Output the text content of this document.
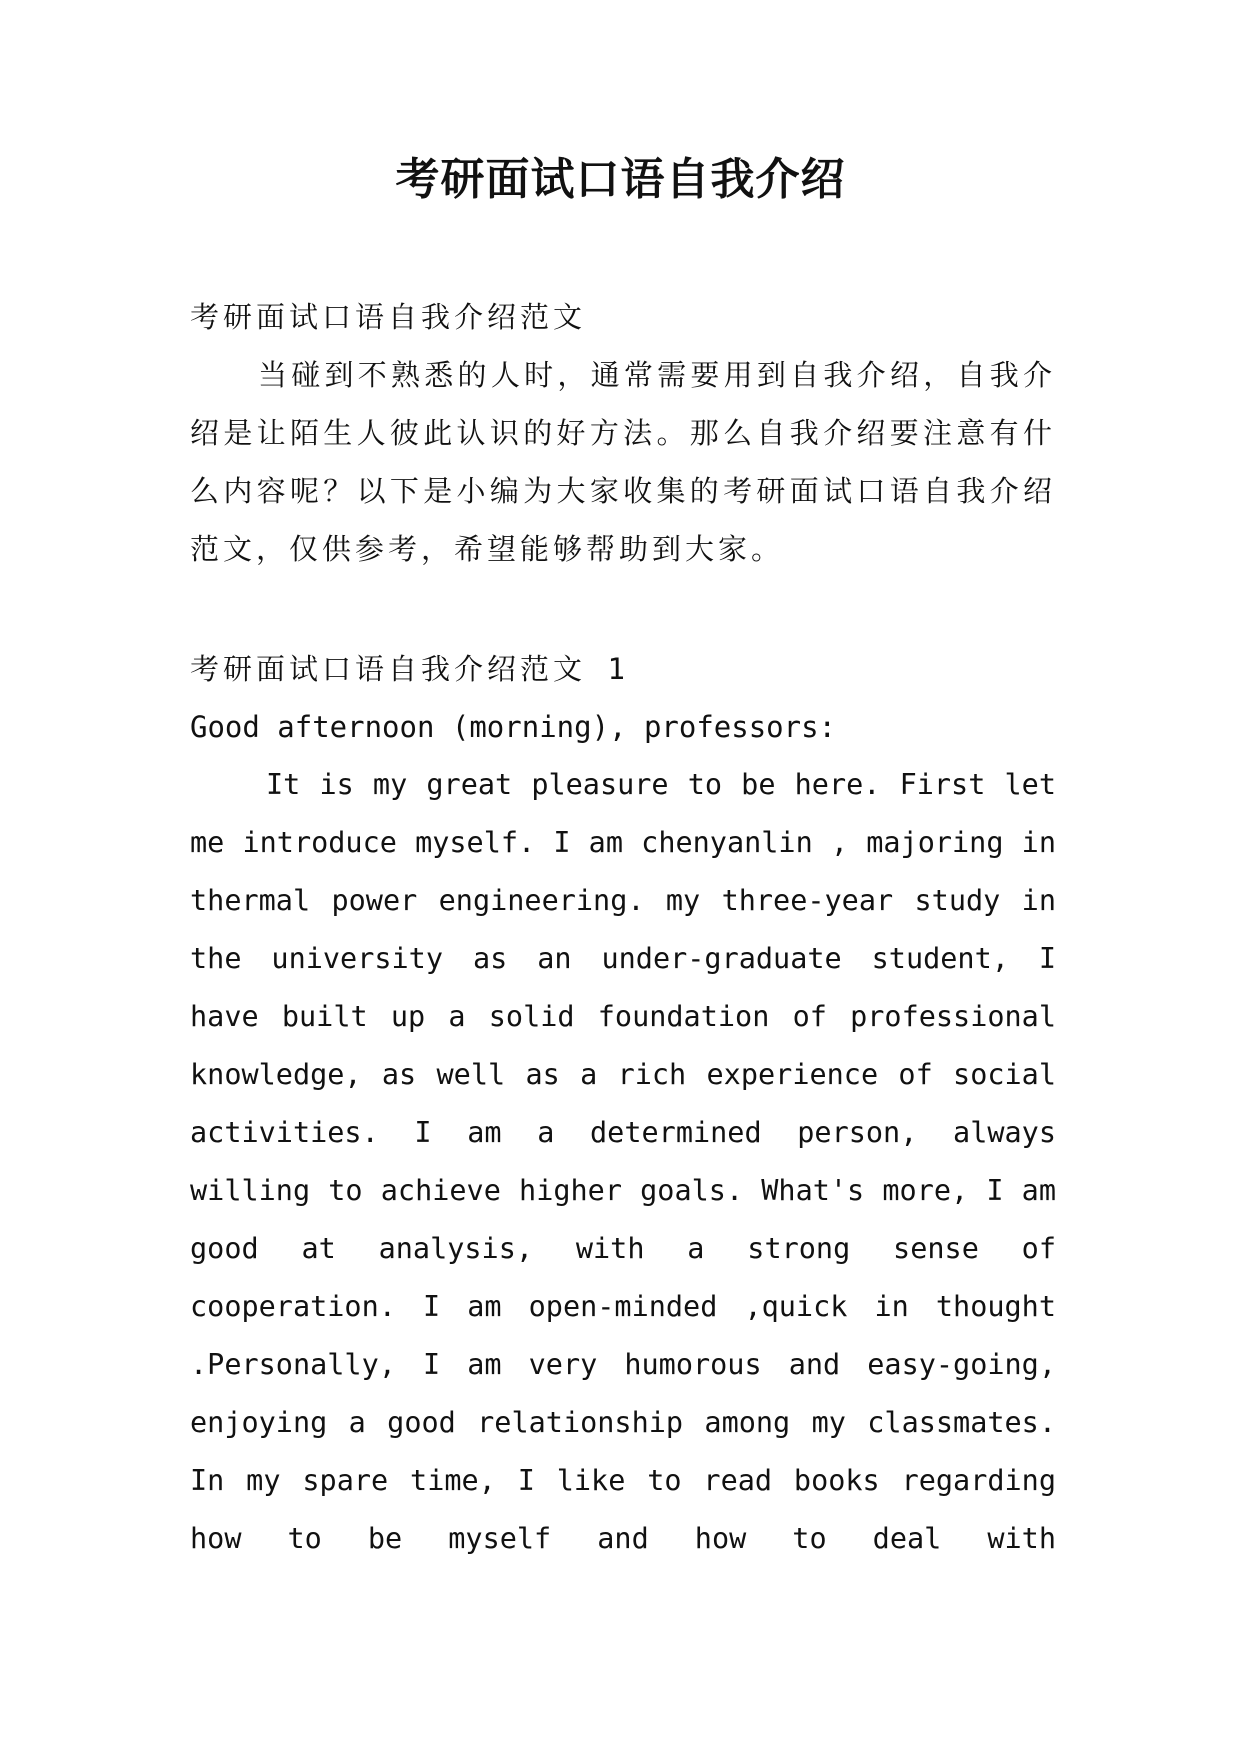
考研面试口语自我介绍

考研面试口语自我介绍范文

当碰到不熟悉的人时，通常需要用到自我介绍，自我介绍是让陌生人彼此认识的好方法。那么自我介绍要注意有什么内容呢？以下是小编为大家收集的考研面试口语自我介绍范文，仅供参考，希望能够帮助到大家。

考研面试口语自我介绍范文 1

Good afternoon (morning), professors:

It is my great pleasure to be here. First let me introduce myself. I am chenyanlin , majoring in thermal power engineering. my three-year study in the university as an under-graduate student, I have built up a solid foundation of professional knowledge, as well as a rich experience of social activities. I am a determined person, always willing to achieve higher goals. What's more, I am good at analysis, with a strong sense of cooperation. I am open-minded ,quick in thought .Personally, I am very humorous and easy-going, enjoying a good relationship among my classmates. In my spare time, I like to read books regarding how to be myself and how to deal with
